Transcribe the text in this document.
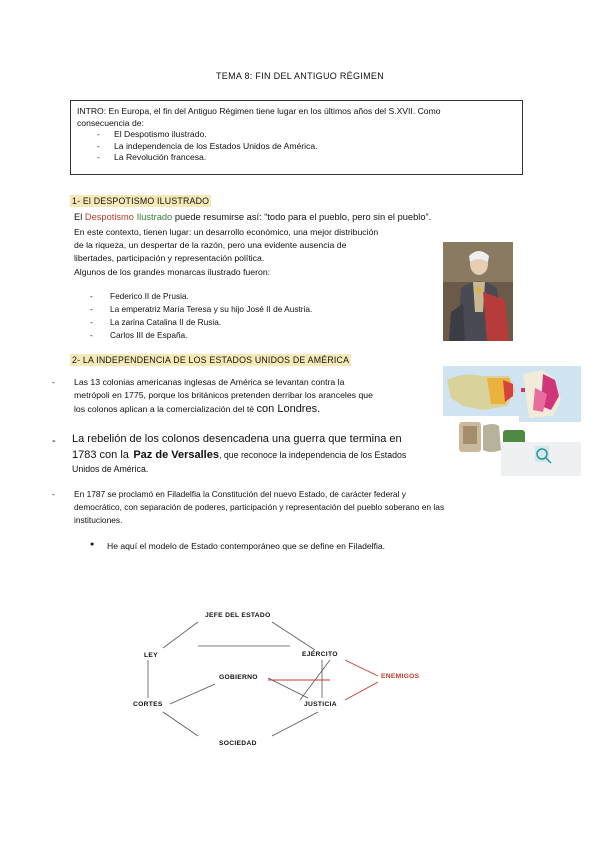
TEMA 8: FIN DEL ANTIGUO RÉGIMEN
INTRO: En Europa, el fin del Antiguo Régimen tiene lugar en los últimos años del S.XVII. Como
consecuencia de:
- El Despotismo ilustrado.
- La independencia de los Estados Unidos de América.
- La Revolución francesa.
1- El DESPOTISMO ILUSTRADO
El Despotismo Ilustrado puede resumirse así: “todo para el pueblo, pero sin el pueblo”.
En este contexto, tienen lugar: un desarrollo económico, una mejor distribución
de la riqueza, un despertar de la razón, pero una evidente ausencia de
libertades, participación y representación política.
Algunos de los grandes monarcas ilustrado fueron:
- Federico II de Prusia.
- La emperatriz María Teresa y su hijo José II de Austria.
- La zarina Catalina II de Rusia.
- Carlos III de España.
2- LA INDEPENDENCIA DE LOS ESTADOS UNIDOS DE AMÉRICA
- Las 13 colonias americanas inglesas de América se levantan contra la
metrópoli en 1775, porque los británicos pretenden derribar los aranceles que
los colonos aplican a la comercialización del té con Londres.
- La rebelión de los colonos desencadena una guerra que termina en
1783 con la Paz de Versalles, que reconoce la independencia de los Estados
Unidos de América.
- En 1787 se proclamó en Filadelfia la Constitución del nuevo Estado, de carácter federal y
democrático, con separación de poderes, participación y representación del pueblo soberano en las
instituciones.
● He aquí el modelo de Estado contemporáneo que se define en Filadelfia.
JEFE DEL ESTADO
LEY	EJÉRCITO
GOBIERNO	ENEMIGOS
CORTES	JUSTICIA
SOCIEDAD
